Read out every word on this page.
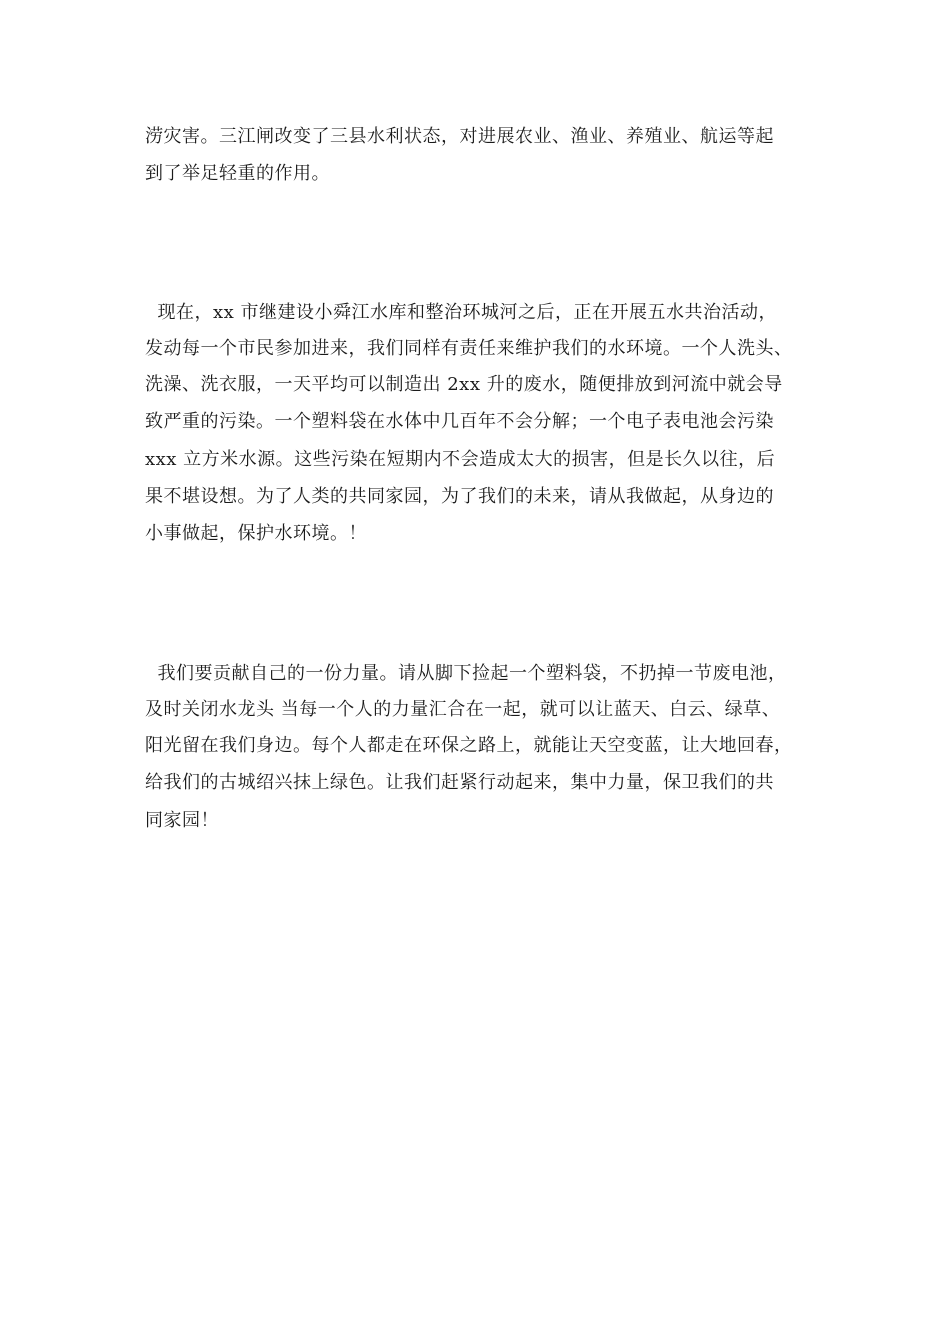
涝灾害。三江闸改变了三县水利状态，对进展农业、渔业、养殖业、航运等起
到了举足轻重的作用。
现在，xx 市继建设小舜江水库和整治环城河之后，正在开展五水共治活动，
发动每一个市民参加进来，我们同样有责任来维护我们的水环境。一个人洗头、
洗澡、洗衣服，一天平均可以制造出 2xx 升的废水，随便排放到河流中就会导
致严重的污染。一个塑料袋在水体中几百年不会分解；一个电子表电池会污染
xxx 立方米水源。这些污染在短期内不会造成太大的损害，但是长久以往，后
果不堪设想。为了人类的共同家园，为了我们的未来，请从我做起，从身边的
小事做起，保护水环境。！
我们要贡献自己的一份力量。请从脚下捡起一个塑料袋，不扔掉一节废电池，
及时关闭水龙头 当每一个人的力量汇合在一起，就可以让蓝天、白云、绿草、
阳光留在我们身边。每个人都走在环保之路上，就能让天空变蓝，让大地回春，
给我们的古城绍兴抹上绿色。让我们赶紧行动起来，集中力量，保卫我们的共
同家园！
